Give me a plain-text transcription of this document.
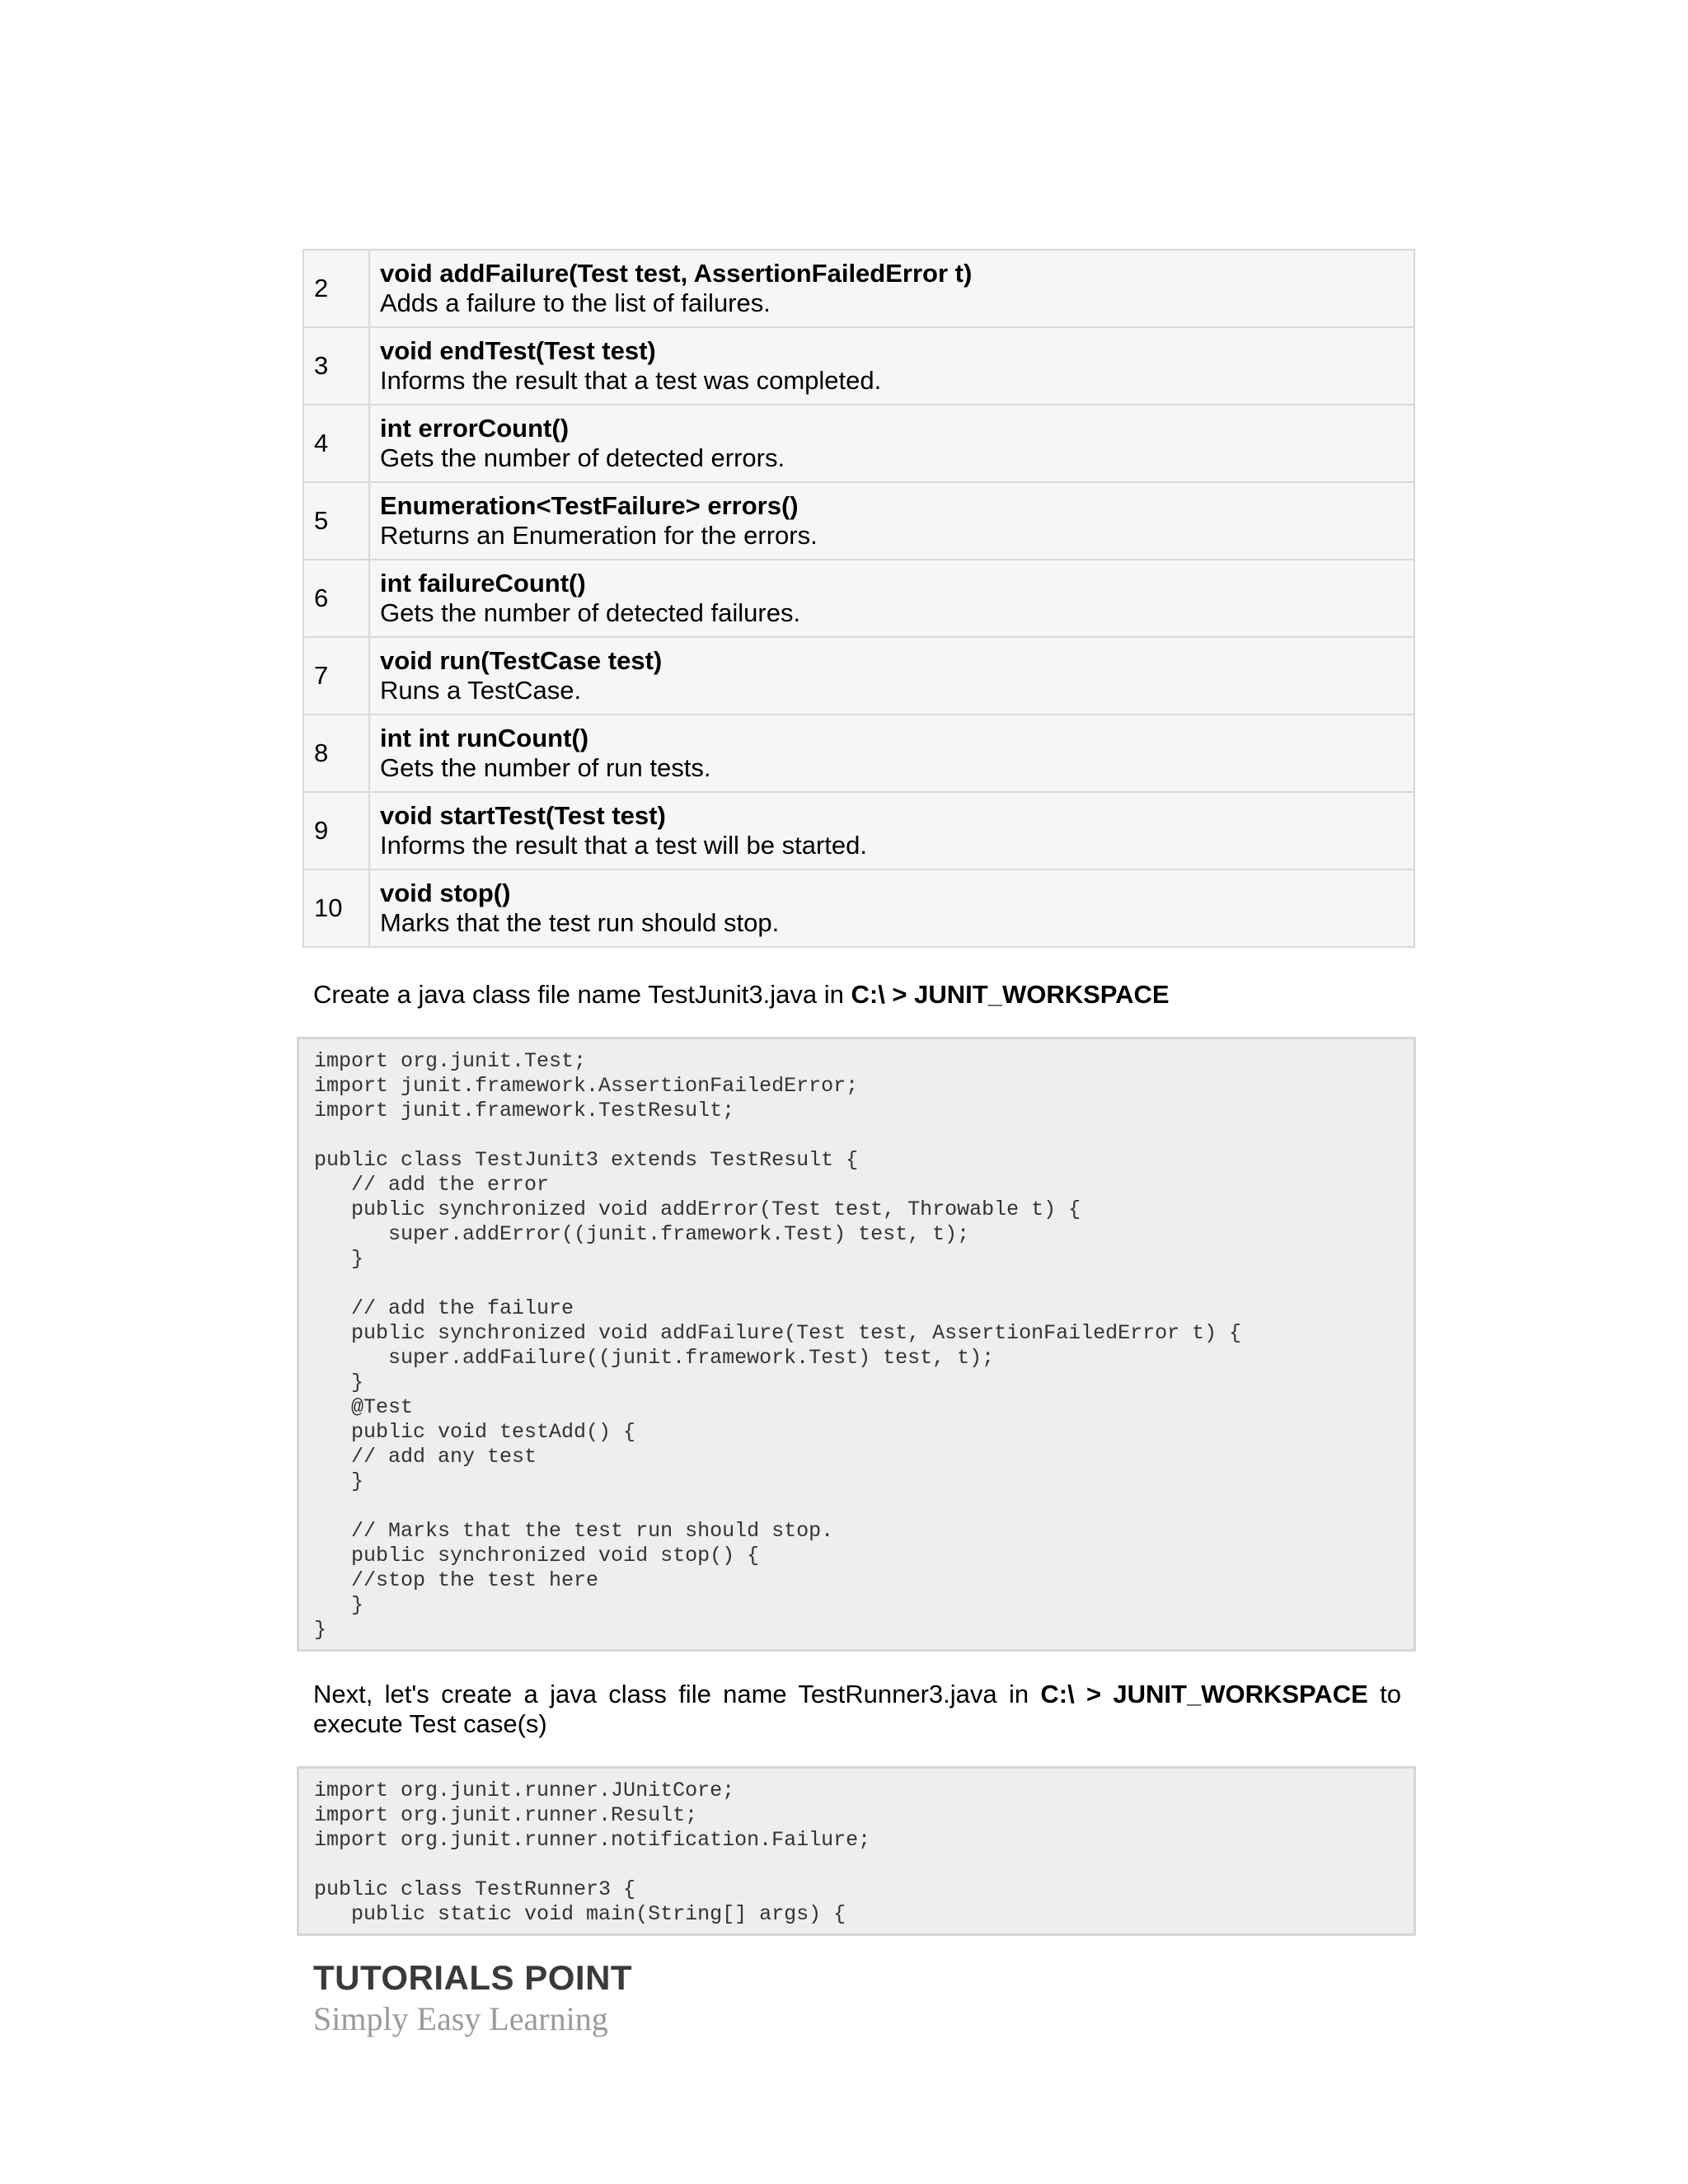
2	void addFailure(Test test, AssertionFailedError t)
Adds a failure to the list of failures.

3	void endTest(Test test)
Informs the result that a test was completed.

4	int errorCount()
Gets the number of detected errors.

5	Enumeration<TestFailure> errors()
Returns an Enumeration for the errors.

6	int failureCount()
Gets the number of detected failures.

7	void run(TestCase test)
Runs a TestCase.

8	int int runCount()
Gets the number of run tests.

9	void startTest(Test test)
Informs the result that a test will be started.

10	void stop()
Marks that the test run should stop.
Create a java class file name TestJunit3.java in C:\ > JUNIT_WORKSPACE
import org.junit.Test;
import junit.framework.AssertionFailedError;
import junit.framework.TestResult;
public class TestJunit3 extends TestResult {
// add the error
public synchronized void addError(Test test, Throwable t) {
super.addError((junit.framework.Test) test, t);
}
// add the failure
public synchronized void addFailure(Test test, AssertionFailedError t) {
super.addFailure((junit.framework.Test) test, t);
}
@Test
public void testAdd() {
// add any test
}
// Marks that the test run should stop.
public synchronized void stop() {
//stop the test here
}
}
Next, let's create a java class file name TestRunner3.java in C:\ > JUNIT_WORKSPACE to execute Test case(s)
import org.junit.runner.JUnitCore;
import org.junit.runner.Result;
import org.junit.runner.notification.Failure;
public class TestRunner3 {
public static void main(String[] args) {
TUTORIALS POINT
Simply Easy Learning
